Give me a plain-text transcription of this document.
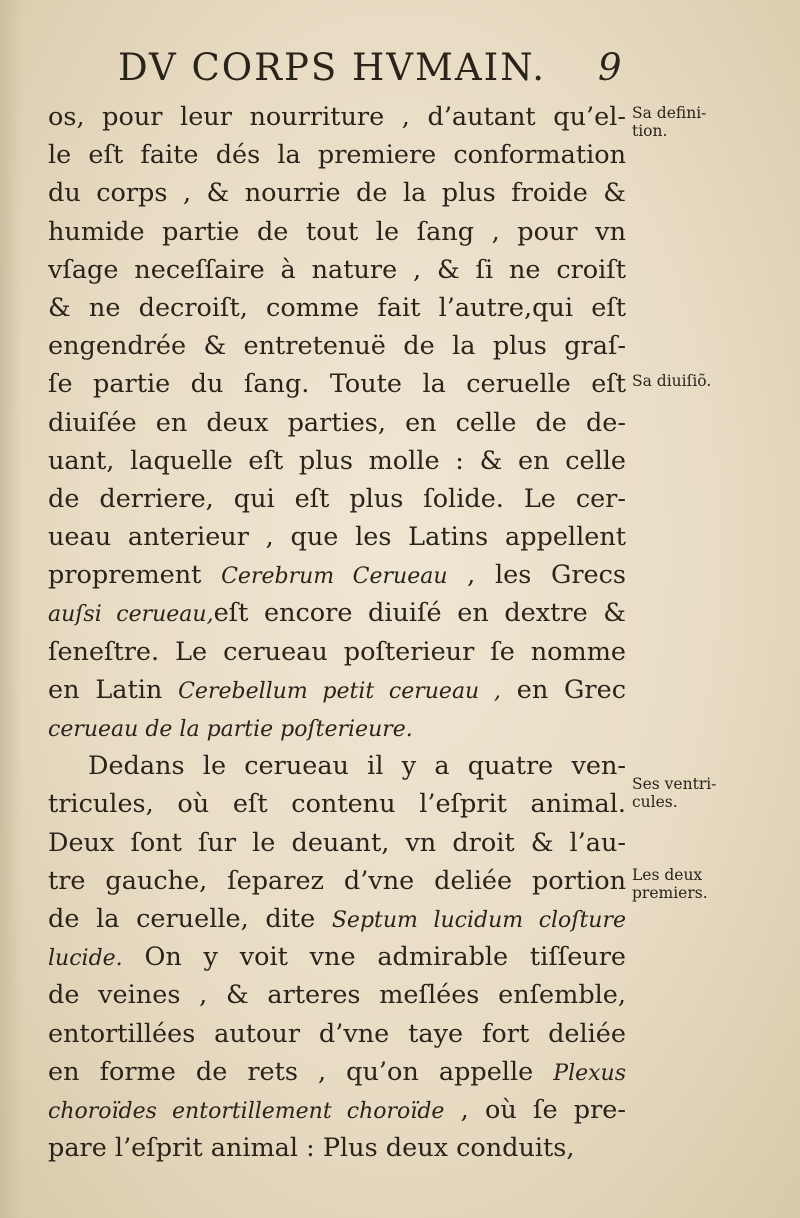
DV CORPS HVMAIN. 9
os, pour leur nourriture , d’autant qu’el-
le eſt faite dés la premiere conformation
du corps , & nourrie de la plus froide &
humide partie de tout le ſang , pour vn
vſage neceſſaire à nature , & ſi ne croiſt
& ne decroiſt, comme fait l’autre,qui eſt
engendrée & entretenuë de la plus graſ-
ſe partie du ſang. Toute la ceruelle eſt
diuiſée en deux parties, en celle de de-
uant, laquelle eſt plus molle : & en celle
de derriere, qui eſt plus ſolide. Le cer-
ueau anterieur , que les Latins appellent
proprement Cerebrum Cerueau , les Grecs
auſsi cerueau,eſt encore diuiſé en dextre &
ſeneſtre. Le cerueau poſterieur ſe nomme
en Latin Cerebellum petit cerueau , en Grec
cerueau de la partie poſterieure.
Dedans le cerueau il y a quatre ven-
tricules, où eſt contenu l’eſprit animal.
Deux ſont ſur le deuant, vn droit & l’au-
tre gauche, ſeparez d’vne deliée portion
de la ceruelle, dite Septum lucidum cloſture
lucide. On y voit vne admirable tiſſeure
de veines , & arteres meſlées enſemble,
entortillées autour d’vne taye fort deliée
en forme de rets , qu’on appelle Plexus
choroïdes entortillement choroïde , où ſe pre-
pare l’eſprit animal : Plus deux conduits,
Sa defini-
tion.
Sa diuiſiõ.
Ses ventri-
cules.
Les deux
premiers.
